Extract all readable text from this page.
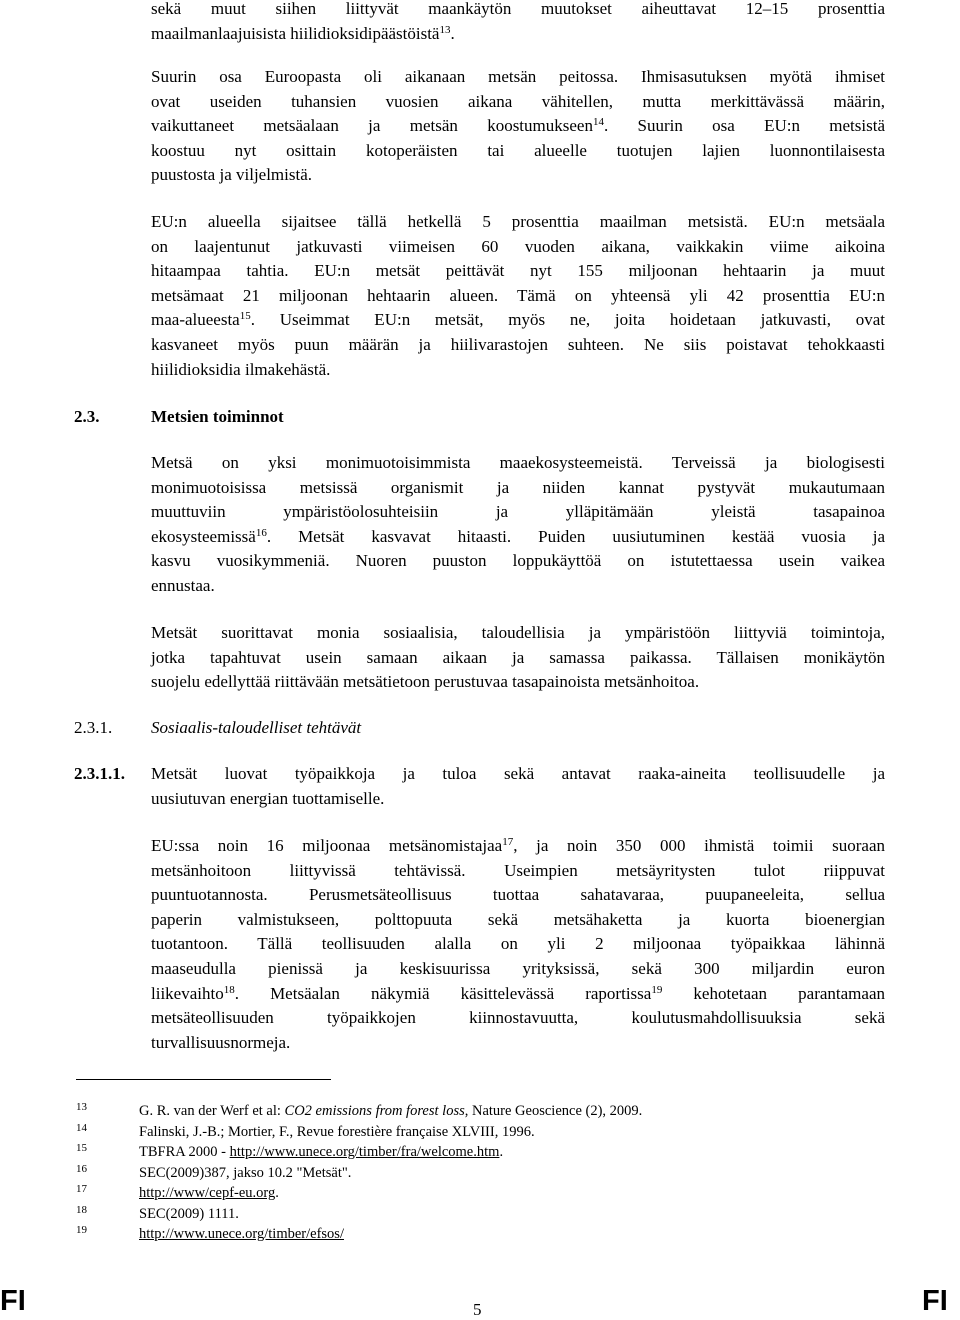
sekä muut siihen liittyvät maankäytön muutokset aiheuttavat 12–15 prosenttia
maailmanlaajuisista hiilidioksidipäästöistä$^{13}$.
Suurin osa Euroopasta oli aikanaan metsän peitossa. Ihmisasutuksen myötä ihmiset
ovat useiden tuhansien vuosien aikana vähitellen, mutta merkittävässä määrin,
vaikuttaneet metsäalaan ja metsän koostumukseen$^{14}$. Suurin osa EU:n metsistä
koostuu nyt osittain kotoperäisten tai alueelle tuotujen lajien luonnontilaisesta
puustosta ja viljelmistä.
EU:n alueella sijaitsee tällä hetkellä 5 prosenttia maailman metsistä. EU:n metsäala
on laajentunut jatkuvasti viimeisen 60 vuoden aikana, vaikkakin viime aikoina
hitaampaa tahtia. EU:n metsät peittävät nyt 155 miljoonan hehtaarin ja muut
metsämaat 21 miljoonan hehtaarin alueen. Tämä on yhteensä yli 42 prosenttia EU:n
maa-alueesta$^{15}$. Useimmat EU:n metsät, myös ne, joita hoidetaan jatkuvasti, ovat
kasvaneet myös puun määrän ja hiilivarastojen suhteen. Ne siis poistavat tehokkaasti
hiilidioksidia ilmakehästä.
2.3.	Metsien toiminnot
Metsä on yksi monimuotoisimmista maaekosysteemeistä. Terveissä ja biologisesti
monimuotoisissa metsissä organismit ja niiden kannat pystyvät mukautumaan
muuttuviin ympäristöolosuhteisiin ja ylläpitämään yleistä tasapainoa
ekosysteemissä$^{16}$. Metsät kasvavat hitaasti. Puiden uusiutuminen kestää vuosia ja
kasvu vuosikymmeniä. Nuoren puuston loppukäyttöä on istutettaessa usein vaikea
ennustaa.
Metsät suorittavat monia sosiaalisia, taloudellisia ja ympäristöön liittyviä toimintoja,
jotka tapahtuvat usein samaan aikaan ja samassa paikassa. Tällaisen monikäytön
suojelu edellyttää riittävään metsätietoon perustuvaa tasapainoista metsänhoitoa.
2.3.1. Sosiaalis-taloudelliset tehtävät
2.3.1.1. Metsät luovat työpaikkoja ja tuloa sekä antavat raaka-aineita teollisuudelle ja
uusiutuvan energian tuottamiselle.
EU:ssa noin 16 miljoonaa metsänomistajaa$^{17}$, ja noin 350 000 ihmistä toimii suoraan
metsänhoitoon liittyvissä tehtävissä. Useimpien metsäyritysten tulot riippuvat
puuntuotannosta. Perusmetsäteollisuus tuottaa sahatavaraa, puupaneeleita, sellua
paperin valmistukseen, polttopuuta sekä metsähaketta ja kuorta bioenergian
tuotantoon. Tällä teollisuuden alalla on yli 2 miljoonaa työpaikkaa lähinnä
maaseudulla pienissä ja keskisuurissa yrityksissä, sekä 300 miljardin euron
liikevaihto$^{18}$. Metsäalan näkymiä käsittelevässä raportissa$^{19}$ kehotetaan parantamaan
metsäteollisuuden työpaikkojen kiinnostavuutta, koulutusmahdollisuuksia sekä
turvallisuusnormeja.
13	G. R. van der Werf et al: CO2 emissions from forest loss, Nature Geoscience (2), 2009.
14	Falinski, J.-B.; Mortier, F., Revue forestière française XLVIII, 1996.
15	TBFRA 2000 - http://www.unece.org/timber/fra/welcome.htm.
16	SEC(2009)387, jakso 10.2 "Metsät".
17	http://www/cepf-eu.org.
18	SEC(2009) 1111.
19	http://www.unece.org/timber/efsos/
FI	5	FI
